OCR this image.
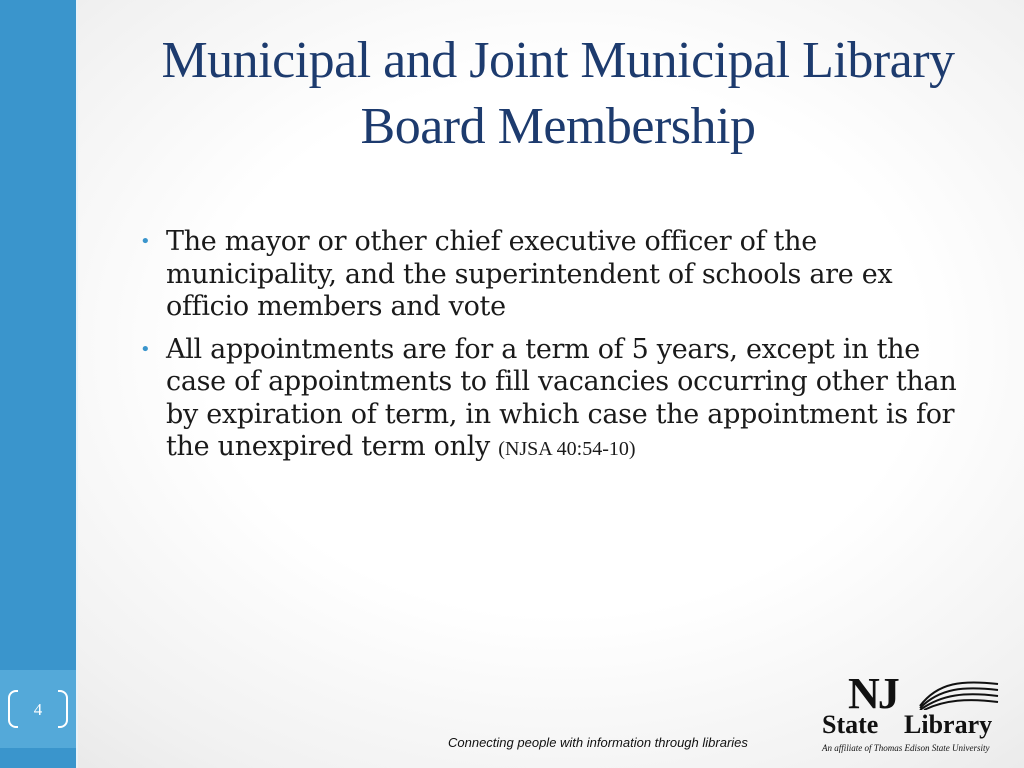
4
Municipal and Joint Municipal Library Board Membership
• The mayor or other chief executive officer of the municipality, and the superintendent of schools are ex officio members and vote
• All appointments are for a term of 5 years, except in the case of appointments to fill vacancies occurring other than by expiration of term, in which case the appointment is for the unexpired term only (NJSA 40:54-10)
Connecting people with information through libraries
NJ
State Library
An affiliate of Thomas Edison State University
